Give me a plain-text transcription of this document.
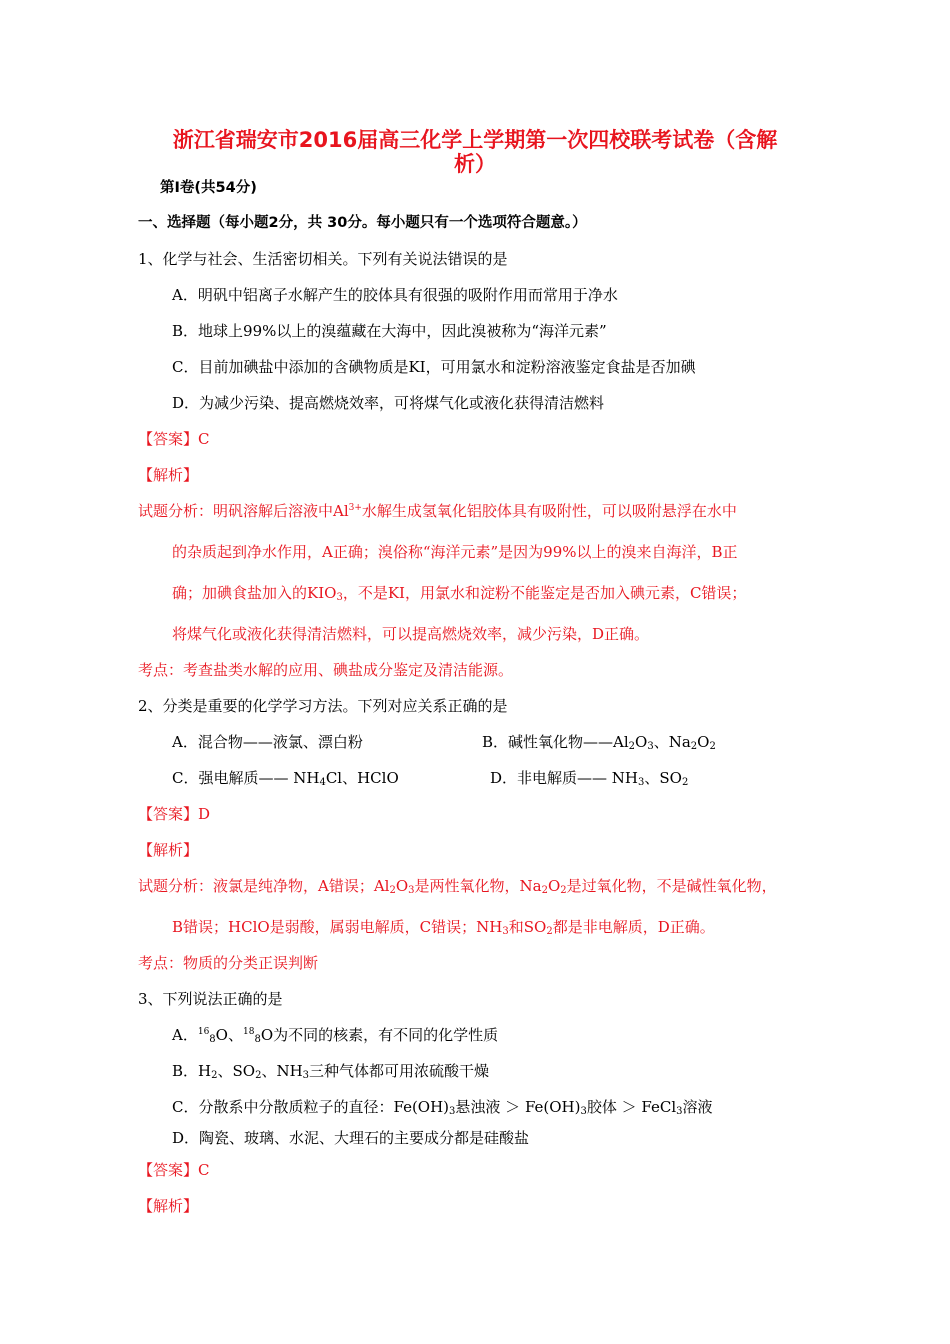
浙江省瑞安市2016届高三化学上学期第一次四校联考试卷（含解
析）
第Ⅰ卷(共54分)
一、选择题（每小题2分，共 30分。每小题只有一个选项符合题意。）
1、化学与社会、生活密切相关。下列有关说法错误的是
A．明矾中铝离子水解产生的胶体具有很强的吸附作用而常用于净水
B．地球上99%以上的溴蕴藏在大海中，因此溴被称为“海洋元素”
C．目前加碘盐中添加的含碘物质是KI，可用氯水和淀粉溶液鉴定食盐是否加碘
D．为减少污染、提高燃烧效率，可将煤气化或液化获得清洁燃料
【答案】C
【解析】
试题分析：明矾溶解后溶液中$Al^{3+}$水解生成氢氧化铝胶体具有吸附性，可以吸附悬浮在水中
的杂质起到净水作用，A正确；溴俗称“海洋元素”是因为99%以上的溴来自海洋，B正
确；加碘食盐加入的$KIO_3$，不是KI，用氯水和淀粉不能鉴定是否加入碘元素，C错误；
将煤气化或液化获得清洁燃料，可以提高燃烧效率，减少污染，D正确。
考点：考查盐类水解的应用、碘盐成分鉴定及清洁能源。
2、分类是重要的化学学习方法。下列对应关系正确的是
A．混合物——液氯、漂白粉	B．碱性氧化物$——Al_2O_3$、$Na_2O_2$
C．强电解质—— $NH_4Cl$、HClO	D．非电解质—— $NH_3$、$SO_2$
【答案】D
【解析】
试题分析：液氯是纯净物，A错误；$Al_2O_3$是两性氧化物，$Na_2O_2$是过氧化物，不是碱性氧化物，
B错误；HClO是弱酸，属弱电解质，C错误；$NH_3$和$SO_2$都是非电解质，D正确。
考点：物质的分类正误判断
3、下列说法正确的是
A．$^{16}_8$O、$^{18}_8$O为不同的核素，有不同的化学性质
B．$H_2$、$SO_2$、$NH_3$三种气体都可用浓硫酸干燥
C．分散系中分散质粒子的直径：$Fe(OH)_3$悬浊液 ＞ $Fe(OH)_3$胶体 ＞ FeCl$_3$溶液
D．陶瓷、玻璃、水泥、大理石的主要成分都是硅酸盐
【答案】C
【解析】
